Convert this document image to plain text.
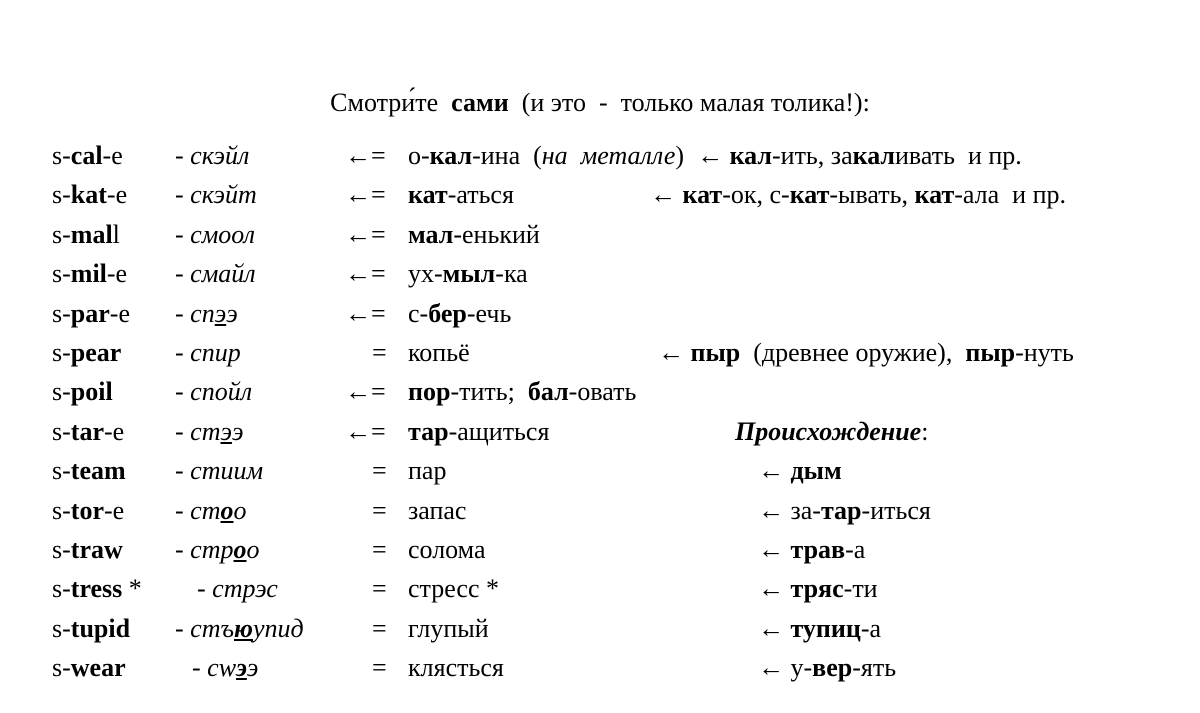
Смотри́те  сами  (и это  -  только малая толика!):
s-cal-e - скэйл	←= о-кал-ина  (на  металле)  ← кал-ить, закаливать  и пр.
s-kat-e - скэйт	←= кат-аться	← кат-ок, с-кат-ывать, кат-ала  и пр.
s-mall - смоол	←= мал-енький
s-mil-e - смайл	←= ух-мыл-ка
s-par-e - спээ	←= с-бер-ечь
s-pear - спир	= копьё	← пыр  (древнее оружие),  пыр-нуть
s-poil - спойл	←= пор-тить;  бал-овать
s-tar-e - стээ	←= тар-ащиться	Происхождение:
s-team - стиим	= пар	← дым
s-tor-e - стоо	= запас	← за-тар-иться
s-traw - строо	= солома	← трав-а
s-tress * - стрэс	= стресс *	← тряс-ти
s-tupid - стъюупид	= глупый	← тупиц-а
s-wear	- cwээ	= клясться	← у-вер-ять
